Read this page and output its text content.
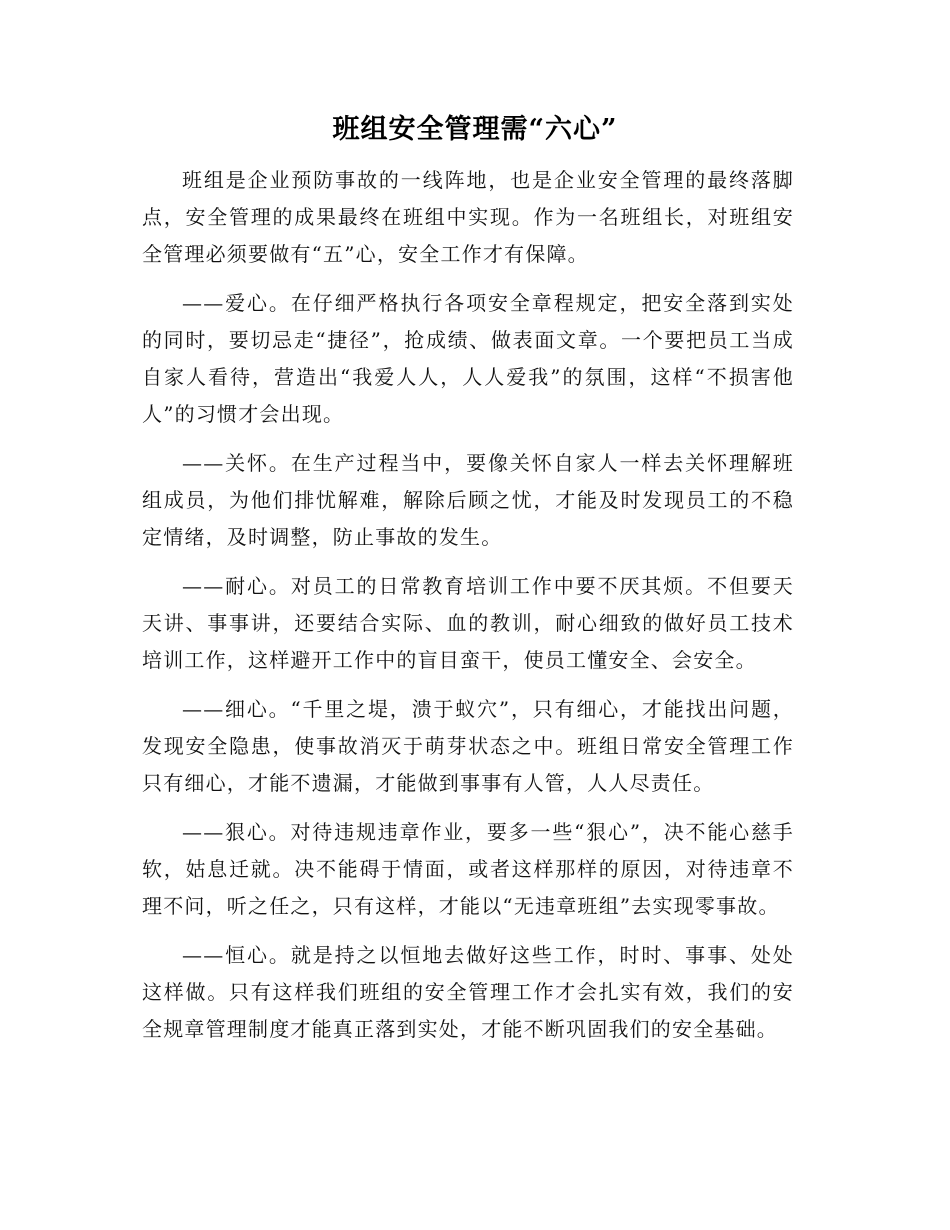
班组安全管理需“六心”

班组是企业预防事故的一线阵地，也是企业安全管理的最终落脚点，安全管理的成果最终在班组中实现。作为一名班组长，对班组安全管理必须要做有“五”心，安全工作才有保障。

——爱心。在仔细严格执行各项安全章程规定，把安全落到实处的同时，要切忌走“捷径”，抢成绩、做表面文章。一个要把员工当成自家人看待，营造出“我爱人人，人人爱我”的氛围，这样“不损害他人”的习惯才会出现。

——关怀。在生产过程当中，要像关怀自家人一样去关怀理解班组成员，为他们排忧解难，解除后顾之忧，才能及时发现员工的不稳定情绪，及时调整，防止事故的发生。

——耐心。对员工的日常教育培训工作中要不厌其烦。不但要天天讲、事事讲，还要结合实际、血的教训，耐心细致的做好员工技术培训工作，这样避开工作中的盲目蛮干，使员工懂安全、会安全。

——细心。“千里之堤，溃于蚁穴”，只有细心，才能找出问题，发现安全隐患，使事故消灭于萌芽状态之中。班组日常安全管理工作只有细心，才能不遗漏，才能做到事事有人管，人人尽责任。

——狠心。对待违规违章作业，要多一些“狠心”，决不能心慈手软，姑息迁就。决不能碍于情面，或者这样那样的原因，对待违章不理不问，听之任之，只有这样，才能以“无违章班组”去实现零事故。

——恒心。就是持之以恒地去做好这些工作，时时、事事、处处这样做。只有这样我们班组的安全管理工作才会扎实有效，我们的安全规章管理制度才能真正落到实处，才能不断巩固我们的安全基础。
